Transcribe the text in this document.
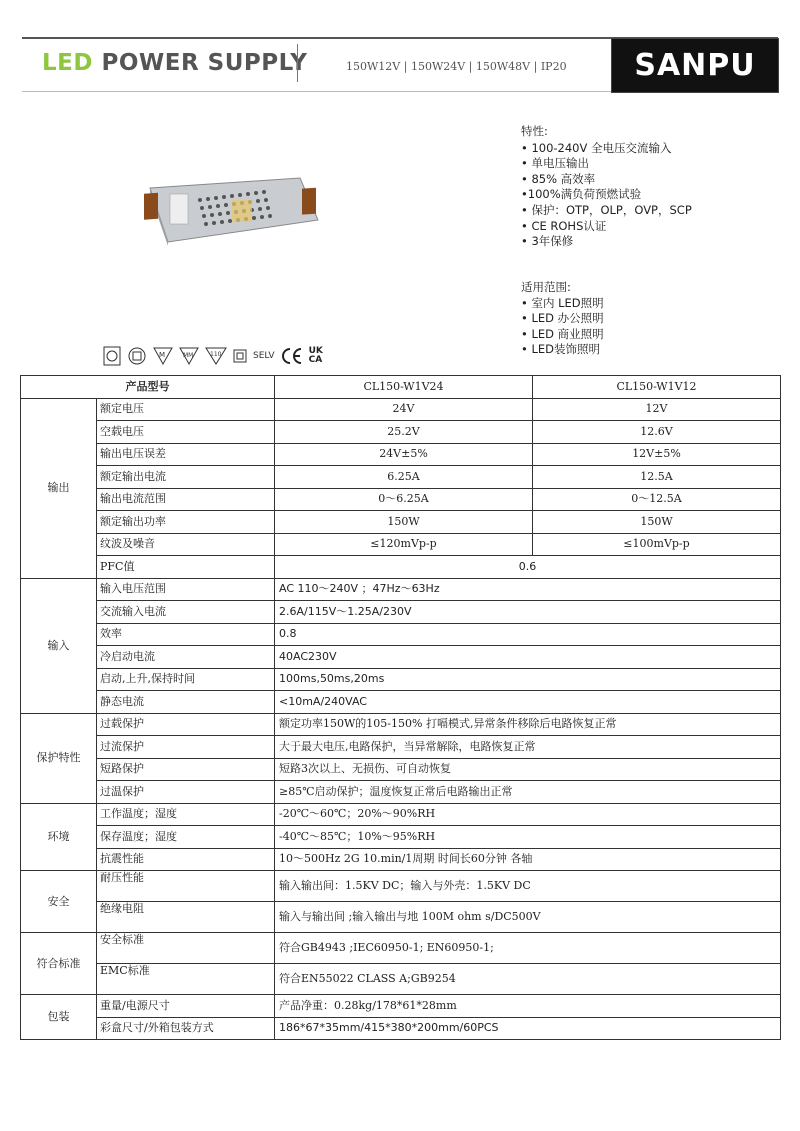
LED POWER SUPPLY	150W12V | 150W24V | 150W48V | IP20 SANPU
特性:
• 100-240V 全电压交流输入
• 单电压输出
• 85% 高效率
•100%满负荷预燃试验
• 保护：OTP，OLP，OVP，SCP
• CE ROHS认证
• 3年保修
适用范围:
• 室内 LED照明
• LED 办公照明
• LED 商业照明
• LED装饰照明
M	MM	110	SELV	UK
CA
产品型号		CL150-W1V24	CL150-W1V12
输出	额定电压	24V	12V
	空载电压	25.2V	12.6V
	输出电压误差	24V±5%	12V±5%
	额定输出电流	6.25A	12.5A
	输出电流范围	0～6.25A	0～12.5A
	额定输出功率	150W	150W
	纹波及噪音	≤120mVp-p	≤100mVp-p
	PFC值	0.6	
输入	输入电压范围	AC 110～240V ；47Hz～63Hz	
	交流输入电流	2.6A/115V～1.25A/230V	
	效率	0.8	
	冷启动电流	40AC230V	
	启动,上升,保持时间	100ms,50ms,20ms	
	静态电流	<10mA/240VAC	
保护特性	过载保护	额定功率150W的105-150% 打嗝模式,异常条件移除后电路恢复正常	
	过流保护	大于最大电压,电路保护，当异常解除，电路恢复正常	
	短路保护	短路3次以上、无损伤、可自动恢复	
	过温保护	≥85℃启动保护；温度恢复正常后电路输出正常	
环境	工作温度；湿度	-20℃～60℃；20%～90%RH	
	保存温度；湿度	-40℃～85℃；10%～95%RH	
	抗震性能	10～500Hz 2G 10.min/1周期 时间长60分钟 各轴	
安全	耐压性能	输入输出间：1.5KV DC；输入与外壳：1.5KV DC	
	绝缘电阻	输入与输出间 ;输入输出与地 100M ohm s/DC500V	
符合标准	安全标准	符合GB4943 ;IEC60950-1; EN60950-1;	
	EMC标准	符合EN55022 CLASS A;GB9254	
包装	重量/电源尺寸	产品净重：0.28kg/178*61*28mm	
	彩盒尺寸/外箱包装方式	186*67*35mm/415*380*200mm/60PCS	
